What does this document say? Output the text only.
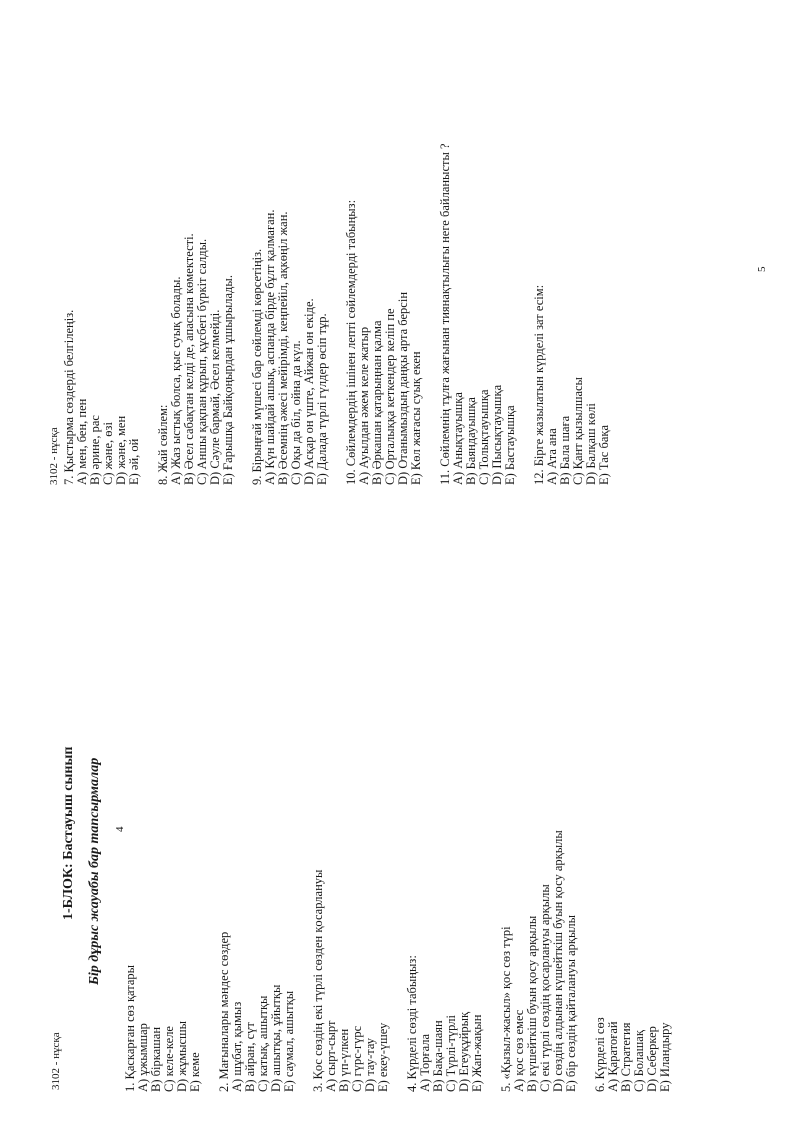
3102 - нұсқа
1-БЛОК: Бастауыш сынып Бір дұрыс жауабы бар тапсырмалар
1. Қаскарған сөз қатары A) ұжымшар B) біркашан C) келе-келе D) жұмысшы E) кеме 2. Мағыналары мәндес сөздер A) шұбат, қымыз B) айран, сүт C) катық, ашытқы D) ашытқы, ұйытқы E) саумал, ашытқы 3. Қос сөздің екі түрлі сөзден қосарлануы A) сырт-сырт B) үп-үлкен C) гүрс-гүрс D) тау-тау E) екеу-үшеу 4. Күрделі сөзді табыңыз: A) Торғала B) Бақа-шаян C) Түрлі-түрлі D) Егеуқұйрық E) Жап-жақын 5. «Қызыл-жасыл» қос сөз түрі A) қос сөз емес B) күшейткіш буын қосу арқылы C) екі түрлі сөздің қосарлануы арқылы D) сөздің алдынан күшейткіш буын қосу арқылы E) бір сөздің қайталануы арқылы 6. Күрделі сөз A) Қаратоғай B) Стратегия C) Болашақ D) Себеркер E) Иландыру
4
3102 - нұсқа 7. Қыстырма сөздерді белгілеңіз. A) мен, бен, пен B) әрине, рас C) және, өзі D) және, мен E) әй, ой 8. Жай сөйлем: A) Жаз ыстық болса, қыс суық болады. B) Әсел сабақтан келді де, апасына көмектесті. C) Аншы қақпан құрып, құсбегі бүркіт салды. D) Сәуле бармай, Әсел келмейді. E) Ғарышқа Байқоңырдан ұшырылады. 9. Бірыңғай мүшесі бар сөйлемді көрсетіңіз. A) Күн шайдай ашық, аспанда бірде бұлт қалмаған. B) Әсемнің әжесі мейірімді, кеңпейіл, ақкөңіл жан. C) Оқы да біл, ойна да күл. D) Асқар он үште, Айжан он екіде. E) Далада түрлі гүлдер өсіп тұр. 10. Сөйлемдердің ішінен лепті сөйлемдерді табыңыз: A) Ауылдан әжем келе жатыр B) Әркашан қатарыңнан қалма C) Орталыққа кеткендер келіп пе D) Отанымыздың даңқы арта берсін E) Көл жағасы суық екен 11. Сөйлемнің тұлға жағынан тиянақтылығы неге байланысты ? A) Анықтауышқа B) Баяндауышқа C) Толықтауышқа D) Пысықтауышқа E) Бастауышқа 12. Бірге жазылатын күрделі зат есім: A) Ата ана B) Бала шаға C) Қант қызылшасы D) Балқаш көлі E) Тас бақа
5
